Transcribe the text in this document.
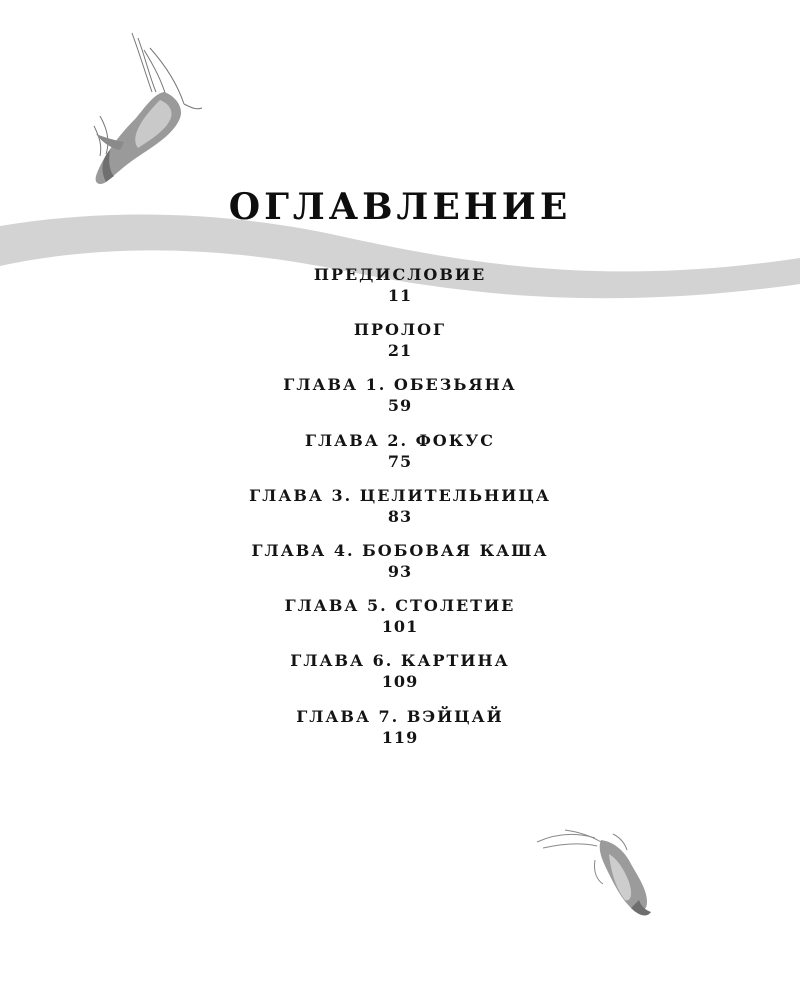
ОГЛАВЛЕНИЕ
ПРЕДИСЛОВИЕ
11
ПРОЛОГ
21
ГЛАВА 1. ОБЕЗЬЯНА
59
ГЛАВА 2. ФОКУС
75
ГЛАВА 3. ЦЕЛИТЕЛЬНИЦА
83
ГЛАВА 4. БОБОВАЯ КАША
93
ГЛАВА 5. СТОЛЕТИЕ
101
ГЛАВА 6. КАРТИНА
109
ГЛАВА 7. ВЭЙЦАЙ
119
